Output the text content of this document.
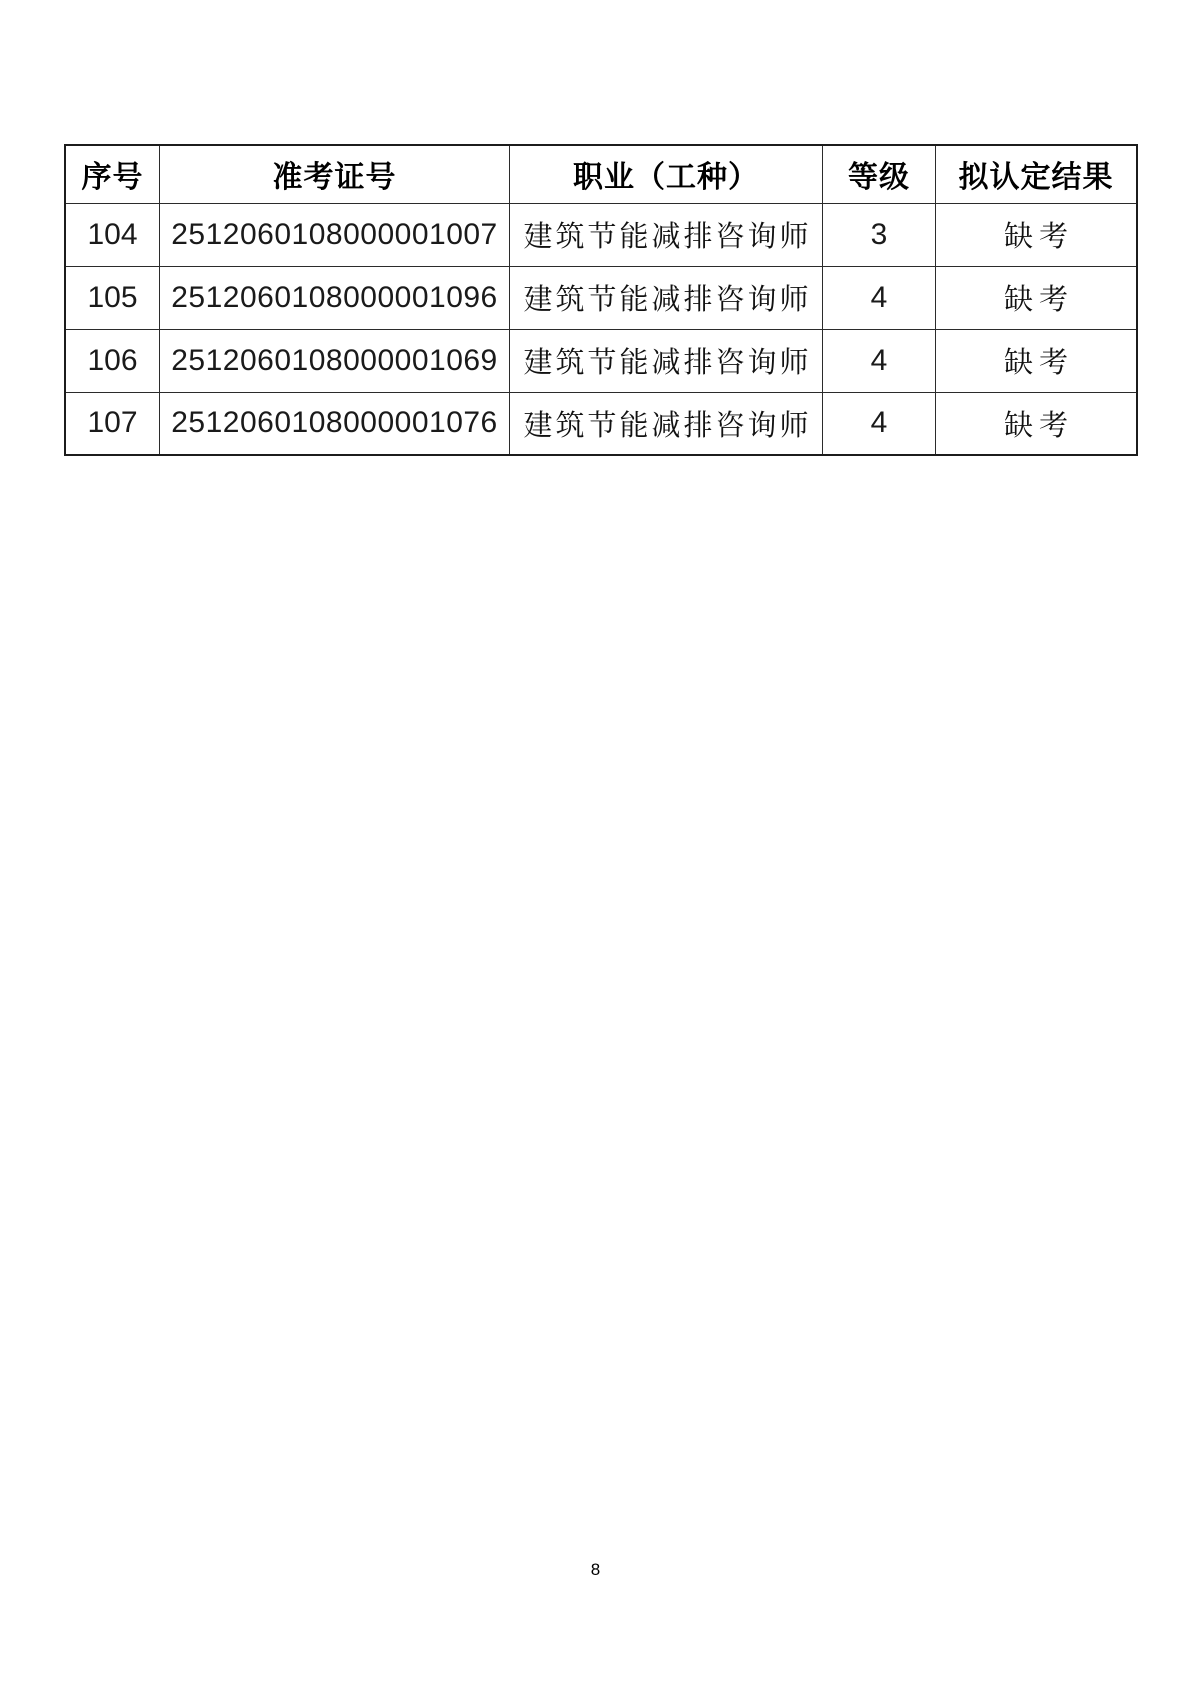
序号	准考证号	职业（工种）	等级	拟认定结果
104	2512060108000001007	建筑节能减排咨询师	3	缺考
105	2512060108000001096	建筑节能减排咨询师	4	缺考
106	2512060108000001069	建筑节能减排咨询师	4	缺考
107	2512060108000001076	建筑节能减排咨询师	4	缺考
8
